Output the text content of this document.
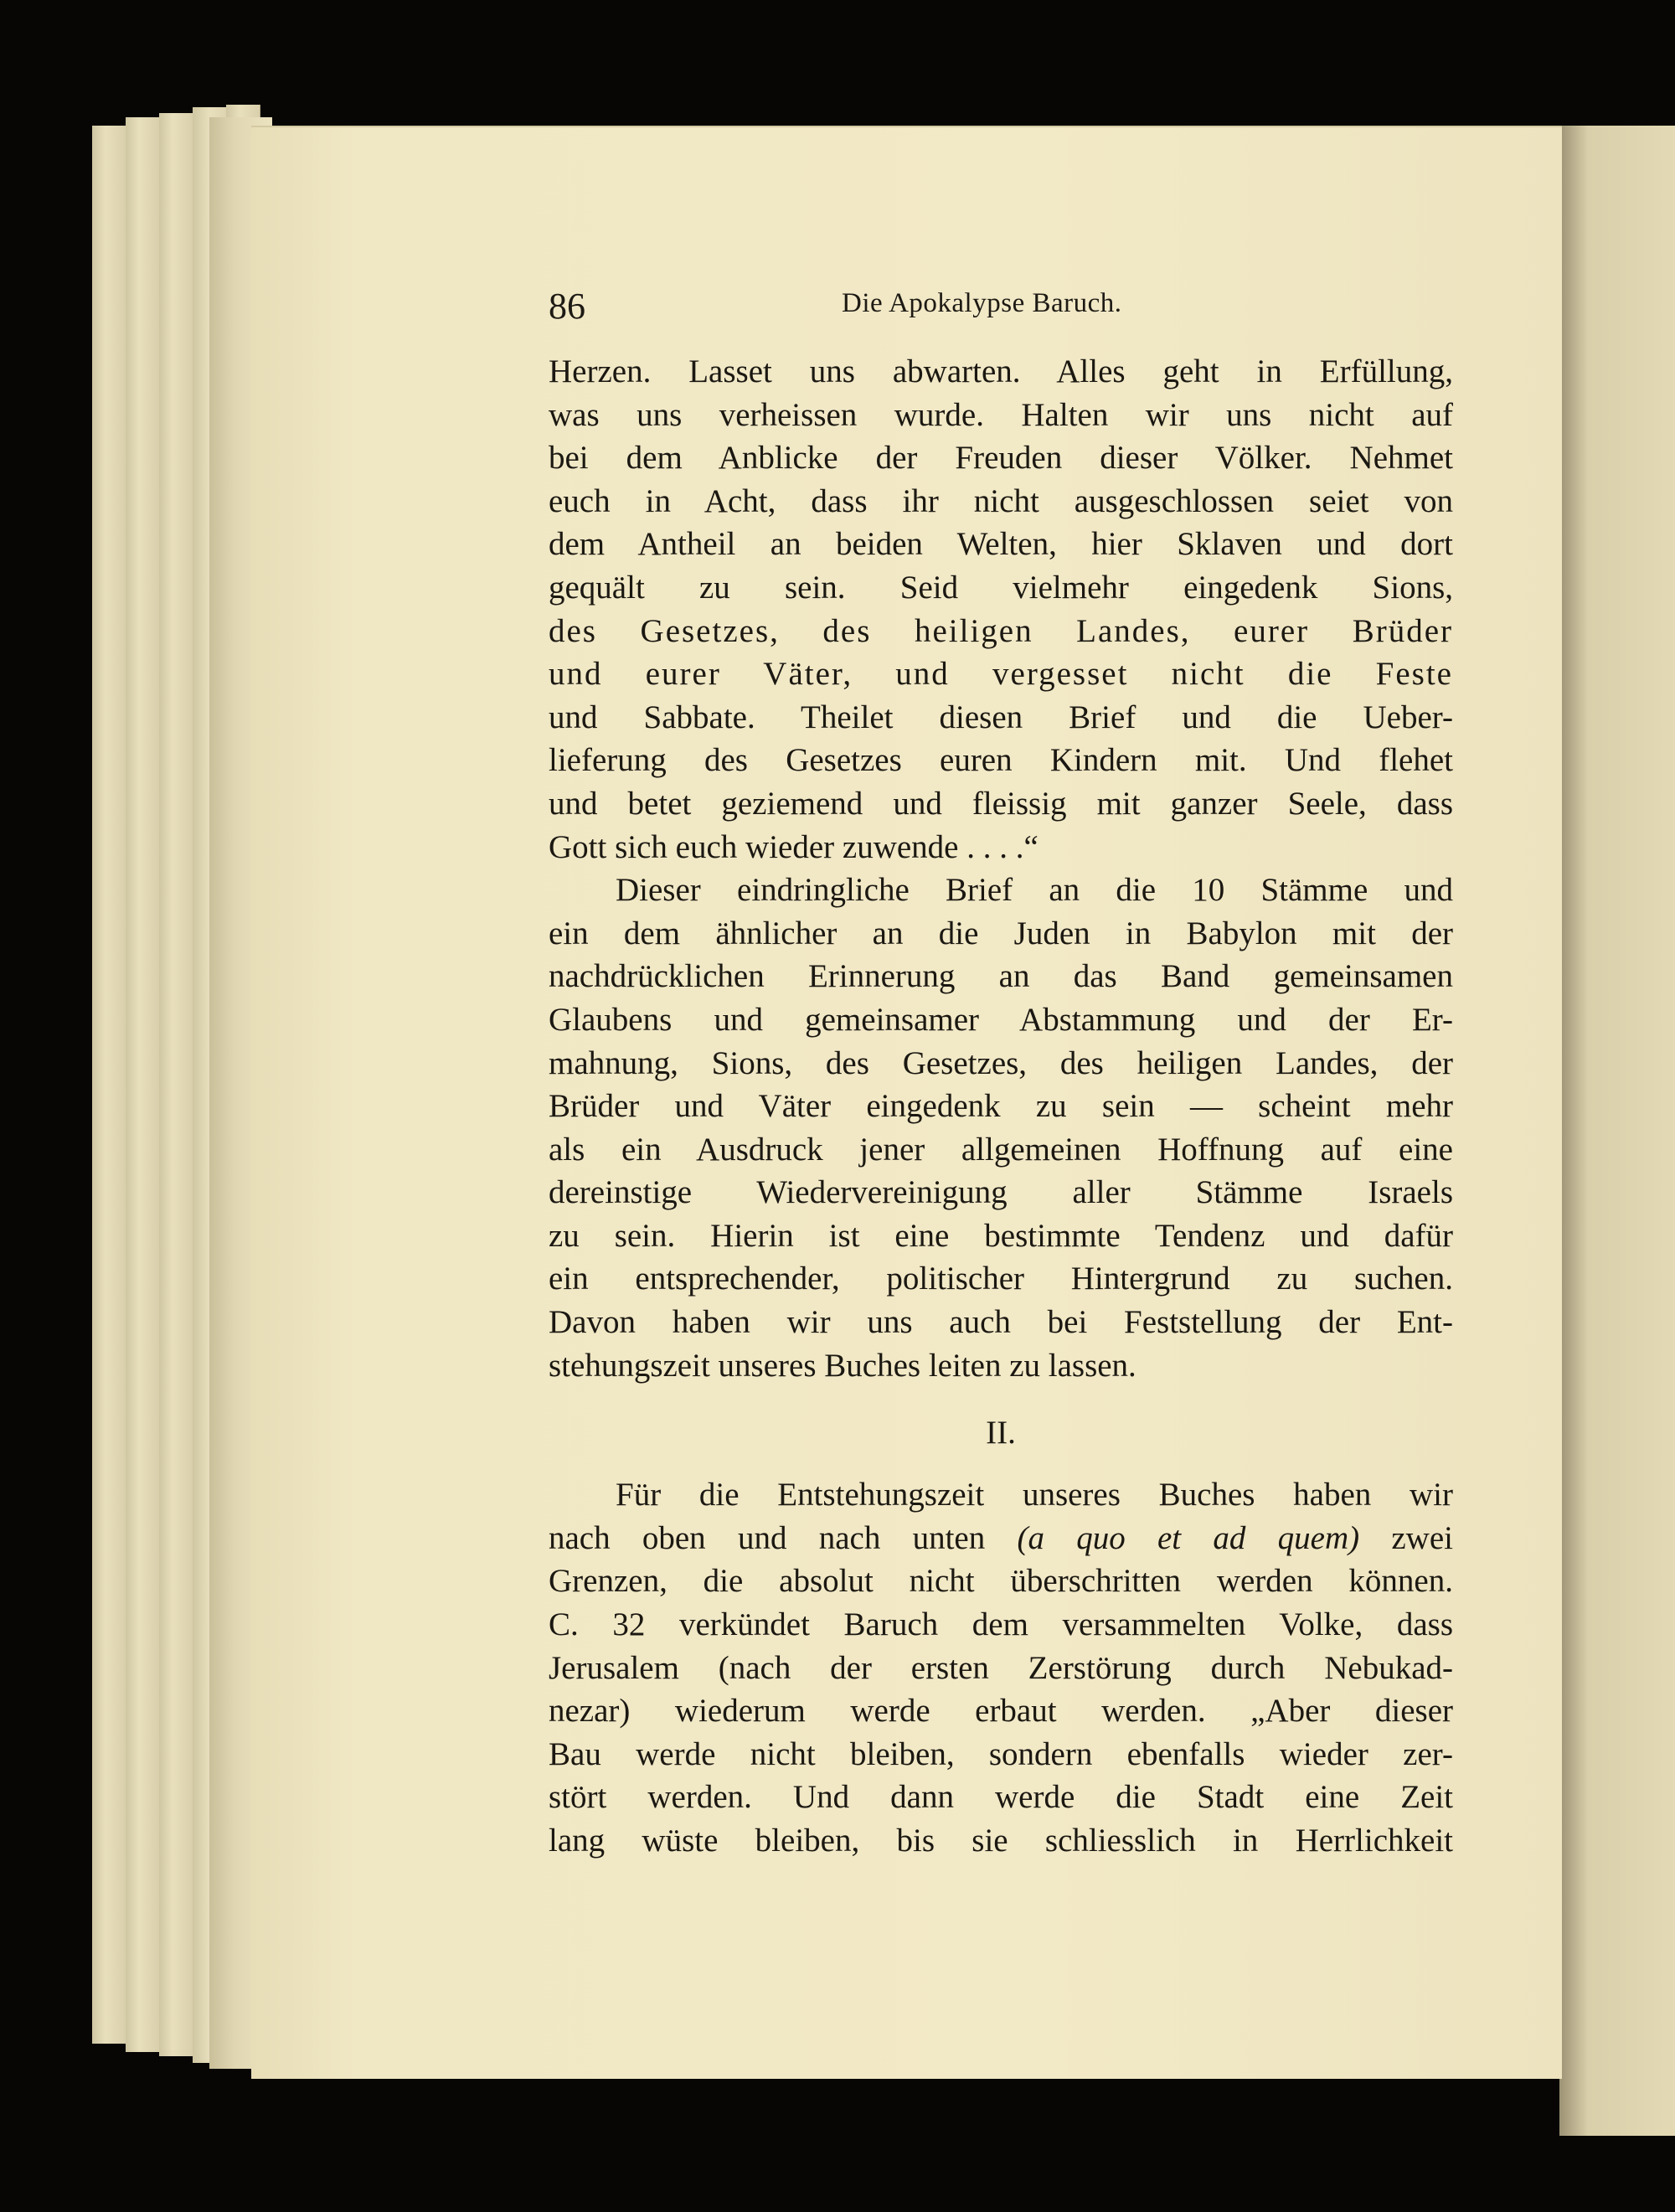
86	Die Apokalypse Baruch.
Herzen. Lasset uns abwarten. Alles geht in Erfüllung,
was uns verheissen wurde. Halten wir uns nicht auf
bei dem Anblicke der Freuden dieser Völker. Nehmet
euch in Acht, dass ihr nicht ausgeschlossen seiet von
dem Antheil an beiden Welten, hier Sklaven und dort
gequält zu sein. Seid vielmehr eingedenk Sions,
des Gesetzes, des heiligen Landes, eurer Brüder
und eurer Väter, und vergesset nicht die Feste
und Sabbate. Theilet diesen Brief und die Ueber-
lieferung des Gesetzes euren Kindern mit. Und flehet
und betet geziemend und fleissig mit ganzer Seele, dass
Gott sich euch wieder zuwende . . . .“
Dieser eindringliche Brief an die 10 Stämme und
ein dem ähnlicher an die Juden in Babylon mit der
nachdrücklichen Erinnerung an das Band gemeinsamen
Glaubens und gemeinsamer Abstammung und der Er-
mahnung, Sions, des Gesetzes, des heiligen Landes, der
Brüder und Väter eingedenk zu sein — scheint mehr
als ein Ausdruck jener allgemeinen Hoffnung auf eine
dereinstige Wiedervereinigung aller Stämme Israels
zu sein. Hierin ist eine bestimmte Tendenz und dafür
ein entsprechender, politischer Hintergrund zu suchen.
Davon haben wir uns auch bei Feststellung der Ent-
stehungszeit unseres Buches leiten zu lassen.
II.
Für die Entstehungszeit unseres Buches haben wir
nach oben und nach unten (a quo et ad quem) zwei
Grenzen, die absolut nicht überschritten werden können.
C. 32 verkündet Baruch dem versammelten Volke, dass
Jerusalem (nach der ersten Zerstörung durch Nebukad-
nezar) wiederum werde erbaut werden. „Aber dieser
Bau werde nicht bleiben, sondern ebenfalls wieder zer-
stört werden. Und dann werde die Stadt eine Zeit
lang wüste bleiben, bis sie schliesslich in Herrlichkeit
